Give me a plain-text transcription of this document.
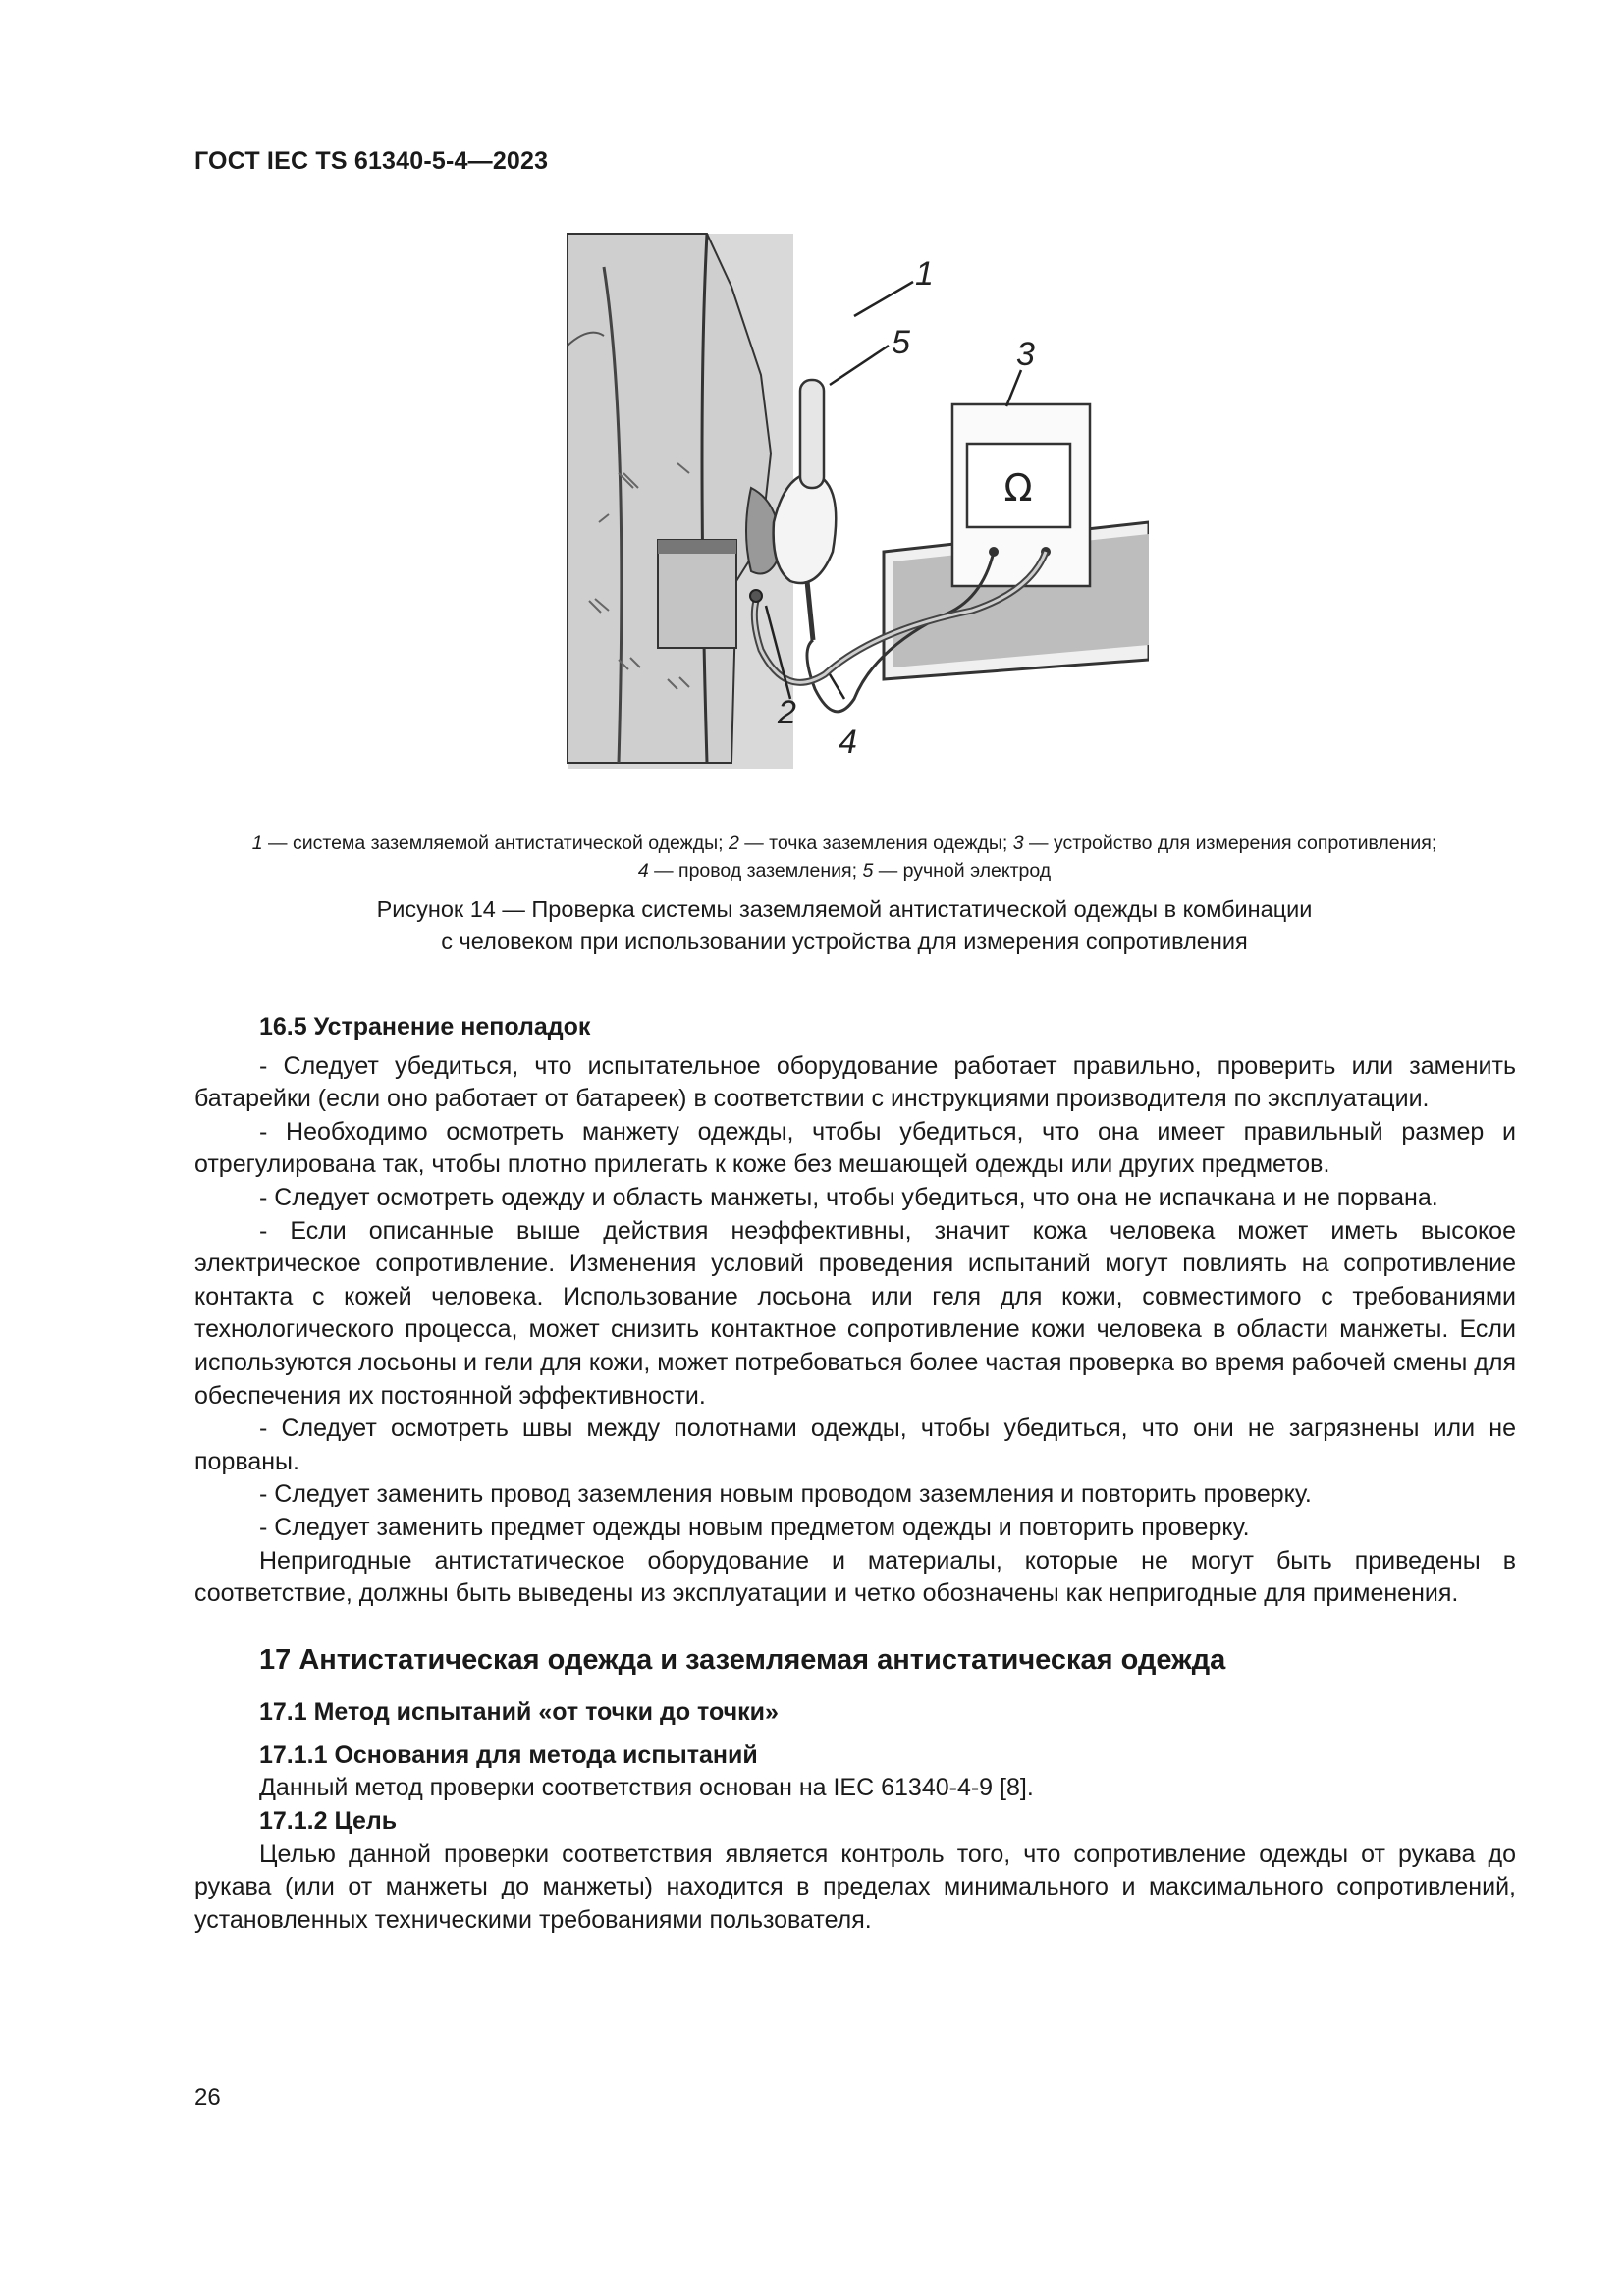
ГОСТ IEC TS 61340-5-4—2023
Ω
1
2
3
4
5
1 — система заземляемой антистатической одежды; 2 — точка заземления одежды; 3 — устройство для измерения сопротивления;
4 — провод заземления; 5 — ручной электрод
Рисунок 14 — Проверка системы заземляемой антистатической одежды в комбинации
с человеком при использовании устройства для измерения сопротивления
16.5 Устранение неполадок

- Следует убедиться, что испытательное оборудование работает правильно, проверить или заменить батарейки (если оно работает от батареек) в соответствии с инструкциями производителя по эксплуатации.

- Необходимо осмотреть манжету одежды, чтобы убедиться, что она имеет правильный размер и отрегулирована так, чтобы плотно прилегать к коже без мешающей одежды или других предметов.

- Следует осмотреть одежду и область манжеты, чтобы убедиться, что она не испачкана и не порвана.

- Если описанные выше действия неэффективны, значит кожа человека может иметь высокое электрическое сопротивление. Изменения условий проведения испытаний могут повлиять на сопротивление контакта с кожей человека. Использование лосьона или геля для кожи, совместимого с требованиями технологического процесса, может снизить контактное сопротивление кожи человека в области манжеты. Если используются лосьоны и гели для кожи, может потребоваться более частая проверка во время рабочей смены для обеспечения их постоянной эффективности.

- Следует осмотреть швы между полотнами одежды, чтобы убедиться, что они не загрязнены или не порваны.

- Следует заменить провод заземления новым проводом заземления и повторить проверку.

- Следует заменить предмет одежды новым предметом одежды и повторить проверку.

Непригодные антистатическое оборудование и материалы, которые не могут быть приведены в соответствие, должны быть выведены из эксплуатации и четко обозначены как непригодные для применения.

17 Антистатическая одежда и заземляемая антистатическая одежда
17.1 Метод испытаний «от точки до точки»
17.1.1 Основания для метода испытаний
Данный метод проверки соответствия основан на IEC 61340-4-9 [8].
17.1.2 Цель

Целью данной проверки соответствия является контроль того, что сопротивление одежды от рукава до рукава (или от манжеты до манжеты) находится в пределах минимального и максимального сопротивлений, установленных техническими требованиями пользователя.

26
